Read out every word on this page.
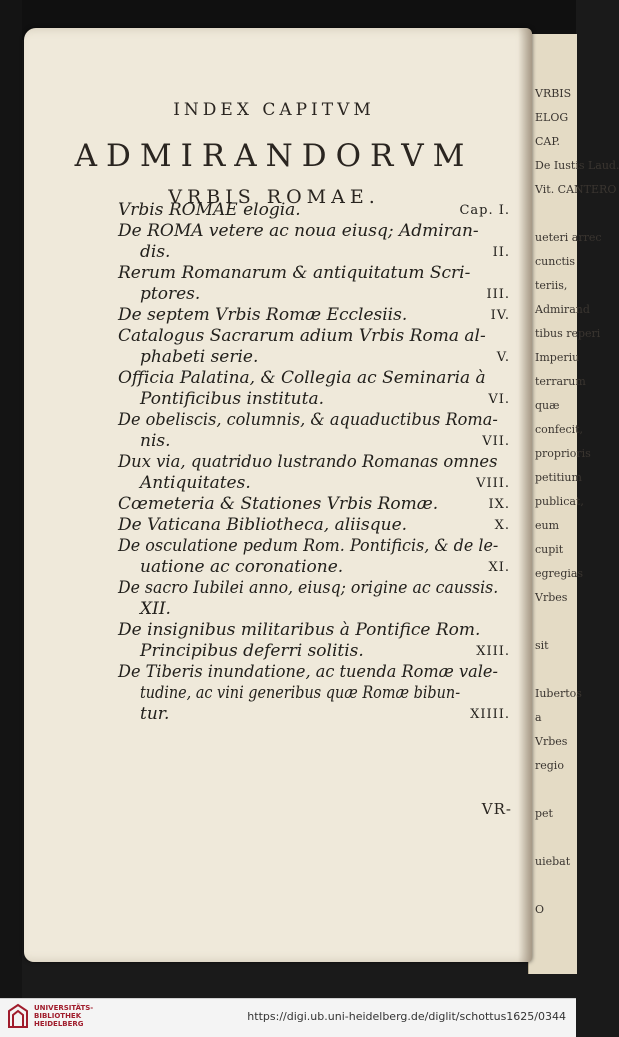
VRBIS
ELOG
CAP.
De Iustis Laud.
Vit. CANTERO
ueteri arrec
cunctis
teriis,
Admirand
tibus reperi
Imperiu
terrarum
quæ
confecit,
proprioris
petitium
publicat,
eum
cupit
egregias
Vrbes
sit
Iubertos
a
Vrbes
regio
pet
uiebat
O
INDEX CAPITVM
ADMIRANDORVM
VRBIS ROMAE.
VR-
Vrbis ROMAE elogia.	Cap. I.
De ROMA vetere ac noua eiusq; Admiran-
dis.	II.
Rerum Romanarum & antiquitatum Scri-
ptores.	III.
De septem Vrbis Romæ Ecclesiis.	IV.
Catalogus Sacrarum adium Vrbis Roma al-
phabeti serie.	V.
Officia Palatina, & Collegia ac Seminaria à
Pontificibus instituta.	VI.
De obeliscis, columnis, & aquaductibus Roma-
nis.	VII.
Dux via, quatriduo lustrando Romanas omnes
Antiquitates.	VIII.
Cœmeteria & Stationes Vrbis Romæ.	IX.
De Vaticana Bibliotheca, aliisque.	X.
De osculatione pedum Rom. Pontificis, & de le-
uatione ac coronatione.	XI.
De sacro Iubilei anno, eiusq; origine ac caussis.
XII.
De insignibus militaribus à Pontifice Rom.
Principibus deferri solitis.	XIII.
De Tiberis inundatione, ac tuenda Romæ vale-
tudine, ac vini generibus quæ Romæ bibun-
tur.	XIIII.
UNIVERSITÄTS-
BIBLIOTHEK
HEIDELBERG
https://digi.ub.uni-heidelberg.de/diglit/schottus1625/0344
